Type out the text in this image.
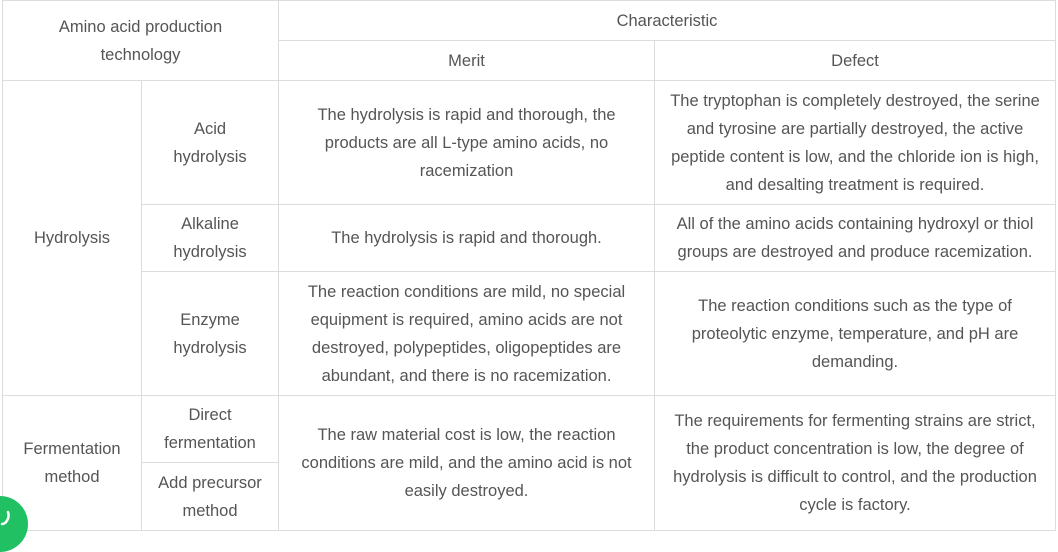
Amino acid production technology		Characteristic	
		Merit	Defect
Hydrolysis	Acid hydrolysis	The hydrolysis is rapid and thorough, the products are all L-type amino acids, no racemization	The tryptophan is completely destroyed, the serine and tyrosine are partially destroyed, the active peptide content is low, and the chloride ion is high, and desalting treatment is required.
	Alkaline hydrolysis	The hydrolysis is rapid and thorough.	All of the amino acids containing hydroxyl or thiol groups are destroyed and produce racemization.
	Enzyme hydrolysis	The reaction conditions are mild, no special equipment is required, amino acids are not destroyed, polypeptides, oligopeptides are abundant, and there is no racemization.	The reaction conditions such as the type of proteolytic enzyme, temperature, and pH are demanding.
Fermentation method	Direct fermentation	The raw material cost is low, the reaction conditions are mild, and the amino acid is not easily destroyed.	The requirements for fermenting strains are strict, the product concentration is low, the degree of hydrolysis is difficult to control, and the production cycle is factory.
	Add precursor method		
